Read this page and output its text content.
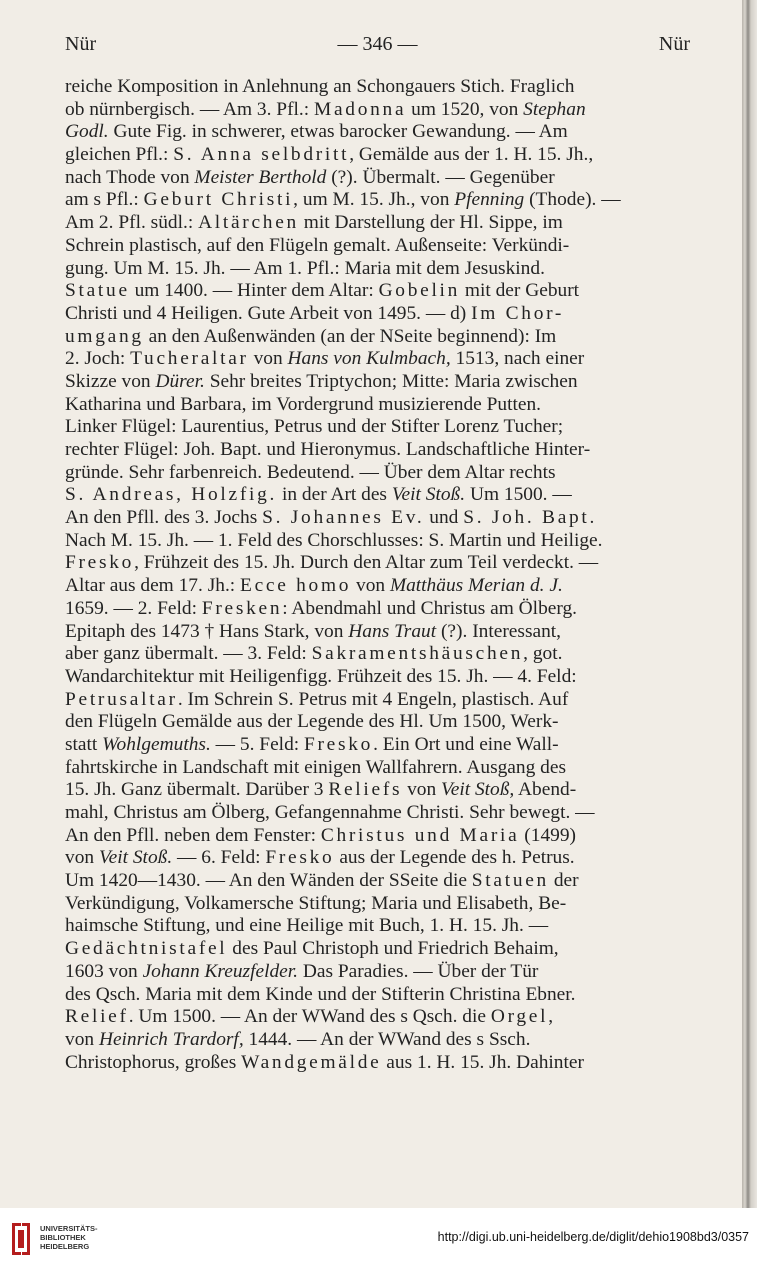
Nür	— 346 —	Nür
reiche Komposition in Anlehnung an Schongauers Stich. Fraglich
ob nürnbergisch. — Am 3. Pfl.: Madonna um 1520, von Stephan
Godl. Gute Fig. in schwerer, etwas barocker Gewandung. — Am
gleichen Pfl.: S. Anna selbdritt, Gemälde aus der 1. H. 15. Jh.,
nach Thode von Meister Berthold (?). Übermalt. — Gegenüber
am s Pfl.: Geburt Christi, um M. 15. Jh., von Pfenning (Thode). —
Am 2. Pfl. südl.: Altärchen mit Darstellung der Hl. Sippe, im
Schrein plastisch, auf den Flügeln gemalt. Außenseite: Verkündi-
gung. Um M. 15. Jh. — Am 1. Pfl.: Maria mit dem Jesuskind.
Statue um 1400. — Hinter dem Altar: Gobelin mit der Geburt
Christi und 4 Heiligen. Gute Arbeit von 1495. — d) Im Chor-
umgang an den Außenwänden (an der NSeite beginnend): Im
2. Joch: Tucheraltar von Hans von Kulmbach, 1513, nach einer
Skizze von Dürer. Sehr breites Triptychon; Mitte: Maria zwischen
Katharina und Barbara, im Vordergrund musizierende Putten.
Linker Flügel: Laurentius, Petrus und der Stifter Lorenz Tucher;
rechter Flügel: Joh. Bapt. und Hieronymus. Landschaftliche Hinter-
gründe. Sehr farbenreich. Bedeutend. — Über dem Altar rechts
S. Andreas, Holzfig. in der Art des Veit Stoß. Um 1500. —
An den Pfll. des 3. Jochs S. Johannes Ev. und S. Joh. Bapt.
Nach M. 15. Jh. — 1. Feld des Chorschlusses: S. Martin und Heilige.
Fresko, Frühzeit des 15. Jh. Durch den Altar zum Teil verdeckt. —
Altar aus dem 17. Jh.: Ecce homo von Matthäus Merian d. J.
1659. — 2. Feld: Fresken: Abendmahl und Christus am Ölberg.
Epitaph des 1473 † Hans Stark, von Hans Traut (?). Interessant,
aber ganz übermalt. — 3. Feld: Sakramentshäuschen, got.
Wandarchitektur mit Heiligenfigg. Frühzeit des 15. Jh. — 4. Feld:
Petrusaltar. Im Schrein S. Petrus mit 4 Engeln, plastisch. Auf
den Flügeln Gemälde aus der Legende des Hl. Um 1500, Werk-
statt Wohlgemuths. — 5. Feld: Fresko. Ein Ort und eine Wall-
fahrtskirche in Landschaft mit einigen Wallfahrern. Ausgang des
15. Jh. Ganz übermalt. Darüber 3 Reliefs von Veit Stoß, Abend-
mahl, Christus am Ölberg, Gefangennahme Christi. Sehr bewegt. —
An den Pfll. neben dem Fenster: Christus und Maria (1499)
von Veit Stoß. — 6. Feld: Fresko aus der Legende des h. Petrus.
Um 1420—1430. — An den Wänden der SSeite die Statuen der
Verkündigung, Volkamersche Stiftung; Maria und Elisabeth, Be-
haimsche Stiftung, und eine Heilige mit Buch, 1. H. 15. Jh. —
Gedächtnistafel des Paul Christoph und Friedrich Behaim,
1603 von Johann Kreuzfelder. Das Paradies. — Über der Tür
des Qsch. Maria mit dem Kinde und der Stifterin Christina Ebner.
Relief. Um 1500. — An der WWand des s Qsch. die Orgel,
von Heinrich Trardorf, 1444. — An der WWand des s Ssch.
Christophorus, großes Wandgemälde aus 1. H. 15. Jh. Dahinter
UNIVERSITÄTS-
BIBLIOTHEK
HEIDELBERG
http://digi.ub.uni-heidelberg.de/diglit/dehio1908bd3/0357
